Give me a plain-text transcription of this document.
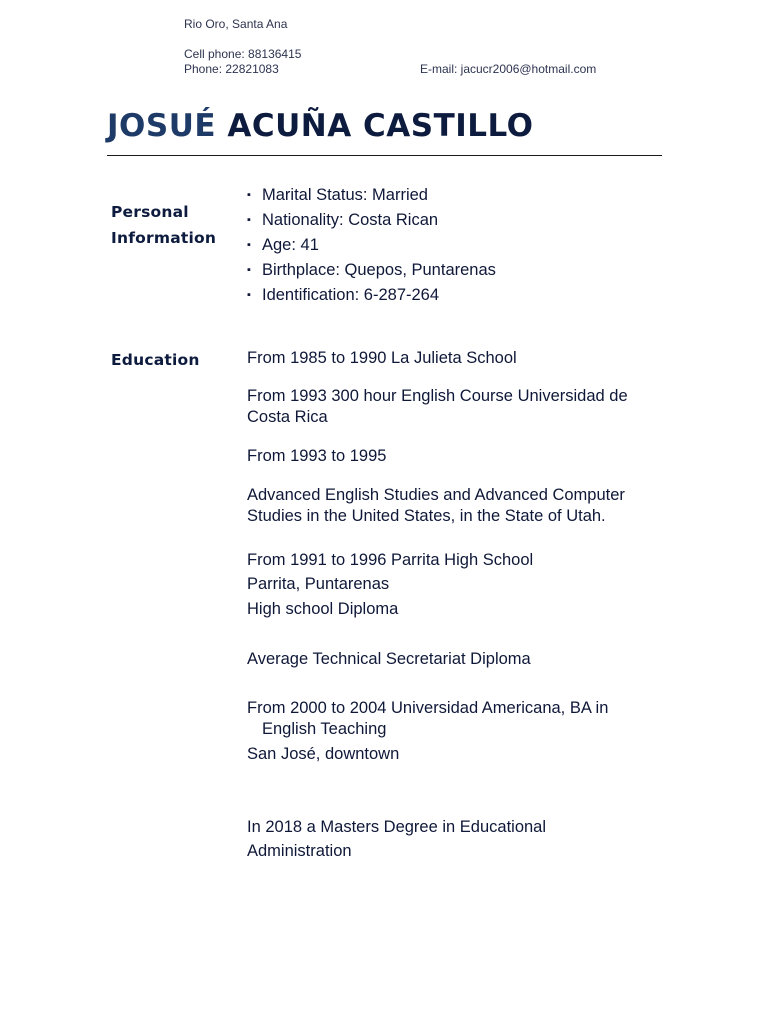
Rio Oro, Santa Ana
Cell phone: 88136415
Phone: 22821083	E-mail: jacucr2006@hotmail.com
JOSUÉ ACUÑA CASTILLO
Personal
Information
▪ Marital Status: Married
▪ Nationality: Costa Rican
▪ Age: 41
▪ Birthplace: Quepos, Puntarenas
▪ Identification: 6-287-264
Education	From 1985 to 1990 La Julieta School
From 1993 300 hour English Course Universidad de
Costa Rica
From 1993 to 1995
Advanced English Studies and Advanced Computer
Studies in the United States, in the State of Utah.
From 1991 to 1996 Parrita High School
Parrita, Puntarenas
High school Diploma
Average Technical Secretariat Diploma
From 2000 to 2004 Universidad Americana, BA in
English Teaching
San José, downtown
In 2018 a Masters Degree in Educational
Administration
